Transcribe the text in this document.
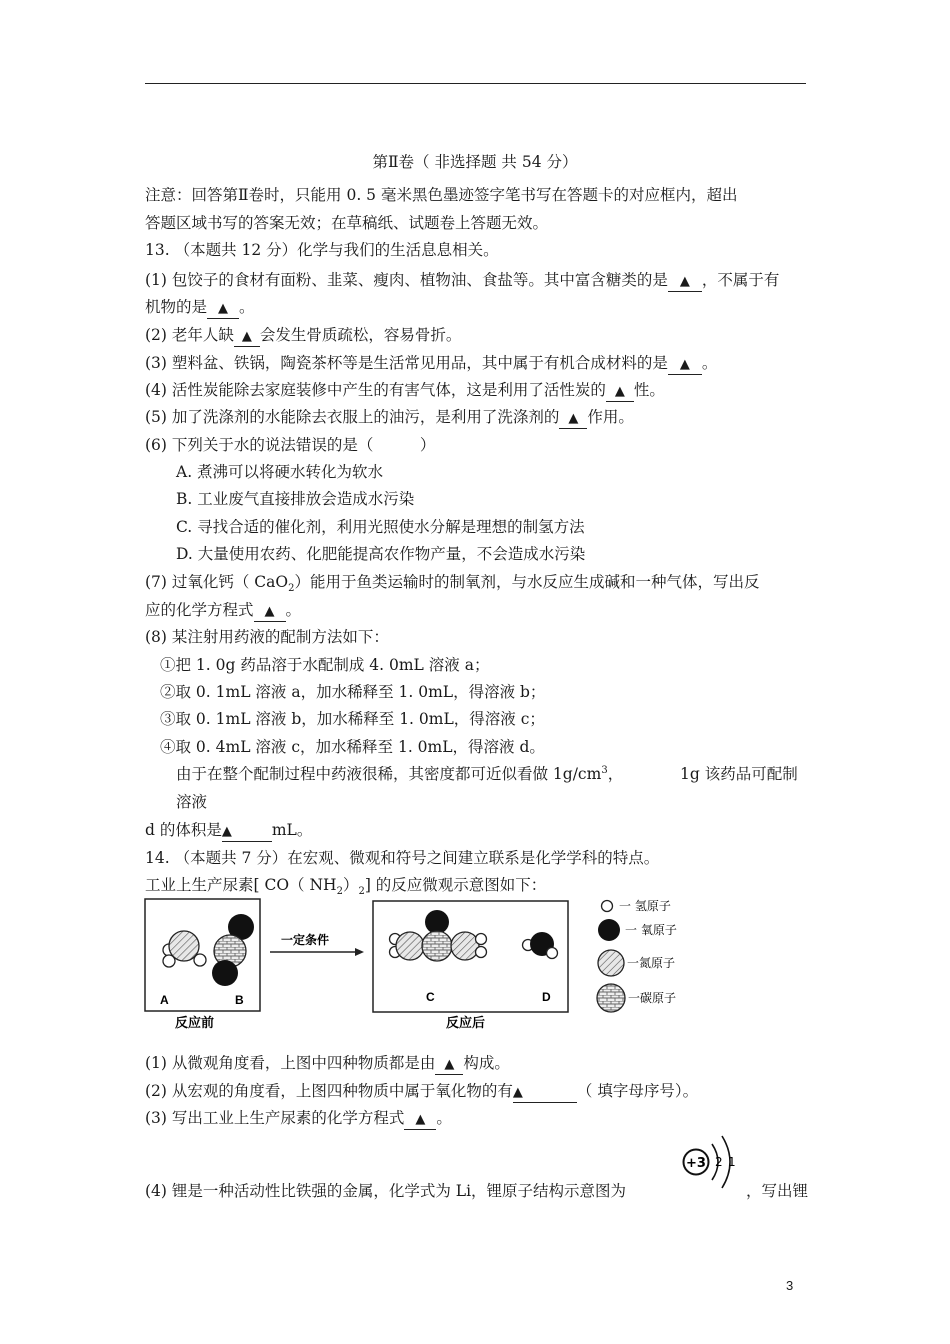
第Ⅱ卷（ 非选择题 共 54 分）
注意：回答第Ⅱ卷时，只能用 0. 5 毫米黑色墨迹签字笔书写在答题卡的对应框内，超出
答题区域书写的答案无效；在草稿纸、试题卷上答题无效。
13. （本题共 12 分）化学与我们的生活息息相关。
(1) 包饺子的食材有面粉、韭菜、瘦肉、植物油、食盐等。其中富含糖类的是 ▲ ，不属于有
机物的是 ▲ 。
(2) 老年人缺 ▲ 会发生骨质疏松，容易骨折。
(3) 塑料盆、铁锅，陶瓷茶杯等是生活常见用品，其中属于有机合成材料的是 ▲ 。
(4) 活性炭能除去家庭装修中产生的有害气体，这是利用了活性炭的 ▲ 性。
(5) 加了洗涤剂的水能除去衣服上的油污，是利用了洗涤剂的 ▲ 作用。
(6) 下列关于水的说法错误的是（　　　）
A. 煮沸可以将硬水转化为软水
B. 工业废气直接排放会造成水污染
C. 寻找合适的催化剂，利用光照使水分解是理想的制氢方法
D. 大量使用农药、化肥能提高农作物产量，不会造成水污染
(7) 过氧化钙（ CaO$_2$）能用于鱼类运输时的制氧剂，与水反应生成碱和一种气体，写出反
应的化学方程式 ▲ 。
(8) 某注射用药液的配制方法如下：
①把 1. 0g 药品溶于水配制成 4. 0mL 溶液 a；
②取 0. 1mL 溶液 a，加水稀释至 1. 0mL，得溶液 b；
③取 0. 1mL 溶液 b，加水稀释至 1. 0mL，得溶液 c；
④取 0. 4mL 溶液 c，加水稀释至 1. 0mL，得溶液 d。
由于在整个配制过程中药液很稀，其密度都可近似看做 $1g/cm^3$，	1g 该药品可配制
溶液
d 的体积是▲	mL。
14. （本题共 7 分）在宏观、微观和符号之间建立联系是化学学科的特点。
工业上生产尿素[ CO（ $NH_2)_2$] 的反应微观示意图如下：
A	B
反应前
一定条件
C	D
反应后
一 氢原子
一 氧原子
一氮原子
一碳原子
(1) 从微观角度看，上图中四种物质都是由 ▲ 构成。
(2) 从宏观的角度看，上图四种物质中属于氧化物的有▲	（ 填字母序号）。
(3) 写出工业上生产尿素的化学方程式 ▲ 。
+3 2 1
(4) 锂是一种活动性比铁强的金属，化学式为 Li，锂原子结构示意图为	，写出锂
3
